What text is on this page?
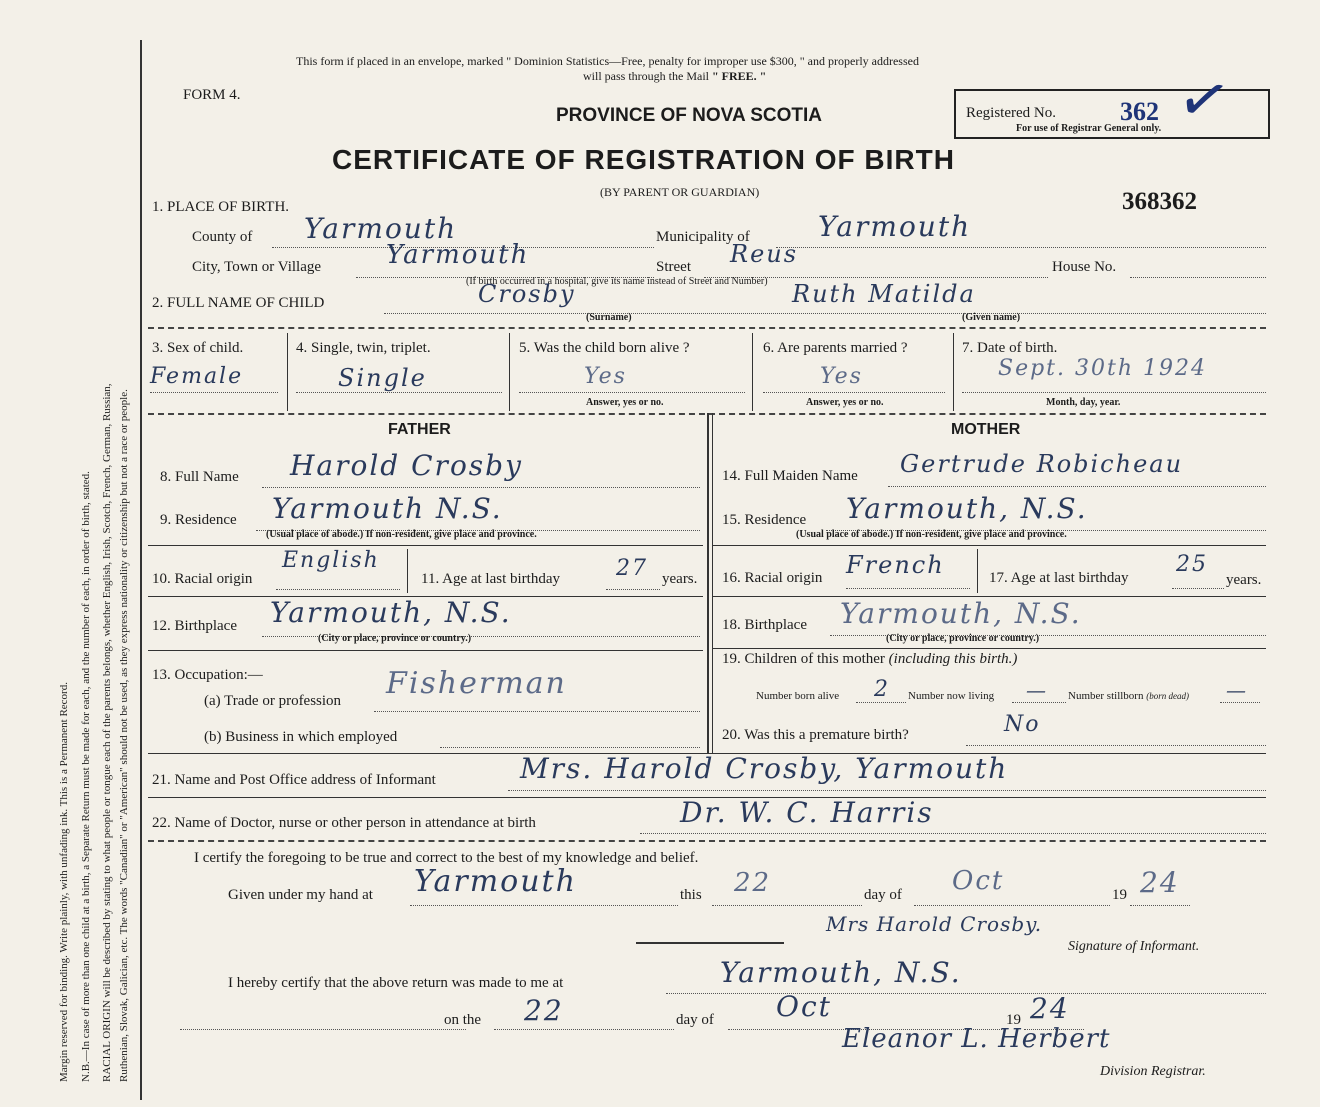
Margin reserved for binding. Write plainly, with unfading ink. This is a Permanent Record. N.B.—In case of more than one child at a birth, a Separate Return must be made for each, and the number of each, in order of birth, stated. RACIAL ORIGIN will be described by stating to what people or tongue each of the parents belongs, whether English, Irish, Scotch, French, German, Russian, Ruthenian, Slovak, Galician, etc. The words "Canadian" or "American" should not be used, as they express nationality or citizenship but not a race or people.
This form if placed in an envelope, marked " Dominion Statistics—Free, penalty for improper use $300, " and properly addressed
will pass through the Mail " FREE. "
FORM 4.
PROVINCE OF NOVA SCOTIA	Registered No. 362 ✓
For use of Registrar General only.
CERTIFICATE OF REGISTRATION OF BIRTH
(BY PARENT OR GUARDIAN)	368362
1. PLACE OF BIRTH.
County of Yarmouth	Municipality of Yarmouth
City, Town or Village Yarmouth	Street Reus	House No.
(If birth occurred in a hospital, give its name instead of Street and Number)
2. FULL NAME OF CHILD	Crosby	Ruth Matilda
(Surname)	(Given name)
3. Sex of child.
Female
4. Single, twin, triplet.
Single
5. Was the child born alive ?
Yes
Answer, yes or no.
6. Are parents married ?
Yes
Answer, yes or no.
7. Date of birth.
Sept. 30th 1924
Month, day, year.
FATHER	MOTHER
8. Full Name Harold Crosby
9. Residence Yarmouth N.S.
(Usual place of abode.) If non-resident, give place and province.
10. Racial origin
English
11. Age at last birthday	27 years.
12. Birthplace Yarmouth, N.S.
(City or place, province or country.)
13. Occupation:—
(a) Trade or profession Fisherman
(b) Business in which employed
14. Full Maiden Name Gertrude Robicheau
15. Residence Yarmouth, N.S.
(Usual place of abode.) If non-resident, give place and province.
16. Racial origin French	17. Age at last birthday
25
years.
18. Birthplace Yarmouth, N.S.
(City or place, province or country.)
19. Children of this mother (including this birth.)
Number born alive 2 Number now living — Number stillborn (born dead) —
20. Was this a premature birth?	No
21. Name and Post Office address of Informant	Mrs. Harold Crosby, Yarmouth
22. Name of Doctor, nurse or other person in attendance at birth	Dr. W. C. Harris
I certify the foregoing to be true and correct to the best of my knowledge and belief.
Given under my hand at Yarmouth	this 22	day of Oct	19 24
Mrs Harold Crosby.
Signature of Informant.
I hereby certify that the above return was made to me at	Yarmouth, N.S.
on the 22	day of Oct	19 24
Eleanor L. Herbert
Division Registrar.
